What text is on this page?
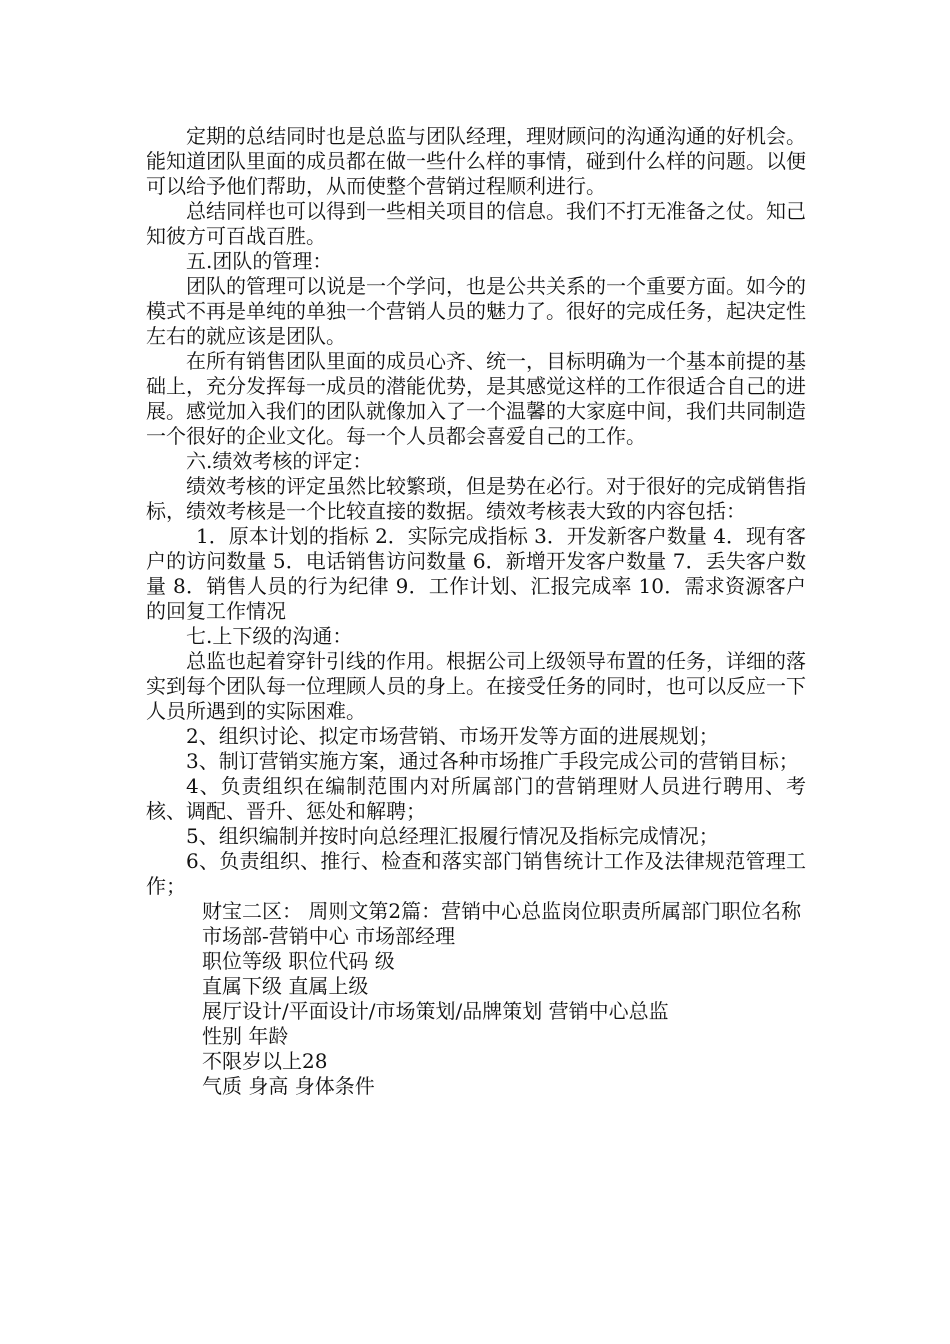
定期的总结同时也是总监与团队经理，理财顾问的沟通沟通的好机会。能知道团队里面的成员都在做一些什么样的事情，碰到什么样的问题。以便可以给予他们帮助，从而使整个营销过程顺利进行。

总结同样也可以得到一些相关项目的信息。我们不打无准备之仗。知己知彼方可百战百胜。

五.团队的管理：

团队的管理可以说是一个学问，也是公共关系的一个重要方面。如今的模式不再是单纯的单独一个营销人员的魅力了。很好的完成任务，起决定性左右的就应该是团队。

在所有销售团队里面的成员心齐、统一，目标明确为一个基本前提的基础上，充分发挥每一成员的潜能优势，是其感觉这样的工作很适合自己的进展。感觉加入我们的团队就像加入了一个温馨的大家庭中间，我们共同制造一个很好的企业文化。每一个人员都会喜爱自己的工作。

六.绩效考核的评定：

绩效考核的评定虽然比较繁琐，但是势在必行。对于很好的完成销售指标，绩效考核是一个比较直接的数据。绩效考核表大致的内容包括：

1．原本计划的指标 2．实际完成指标 3．开发新客户数量 4．现有客户的访问数量 5．电话销售访问数量 6．新增开发客户数量 7．丢失客户数量 8．销售人员的行为纪律 9．工作计划、汇报完成率 10．需求资源客户的回复工作情况

七.上下级的沟通：

总监也起着穿针引线的作用。根据公司上级领导布置的任务，详细的落实到每个团队每一位理顾人员的身上。在接受任务的同时，也可以反应一下人员所遇到的实际困难。

2、组织讨论、拟定市场营销、市场开发等方面的进展规划；

3、制订营销实施方案，通过各种市场推广手段完成公司的营销目标；

4、负责组织在编制范围内对所属部门的营销理财人员进行聘用、考核、调配、晋升、惩处和解聘；

5、组织编制并按时向总经理汇报履行情况及指标完成情况；

6、负责组织、推行、检查和落实部门销售统计工作及法律规范管理工作；

财宝二区： 周则文第2篇：营销中心总监岗位职责所属部门职位名称

市场部-营销中心 市场部经理

职位等级 职位代码 级

直属下级 直属上级

展厅设计/平面设计/市场策划/品牌策划 营销中心总监

性别 年龄

不限岁以上28

气质 身高 身体条件
